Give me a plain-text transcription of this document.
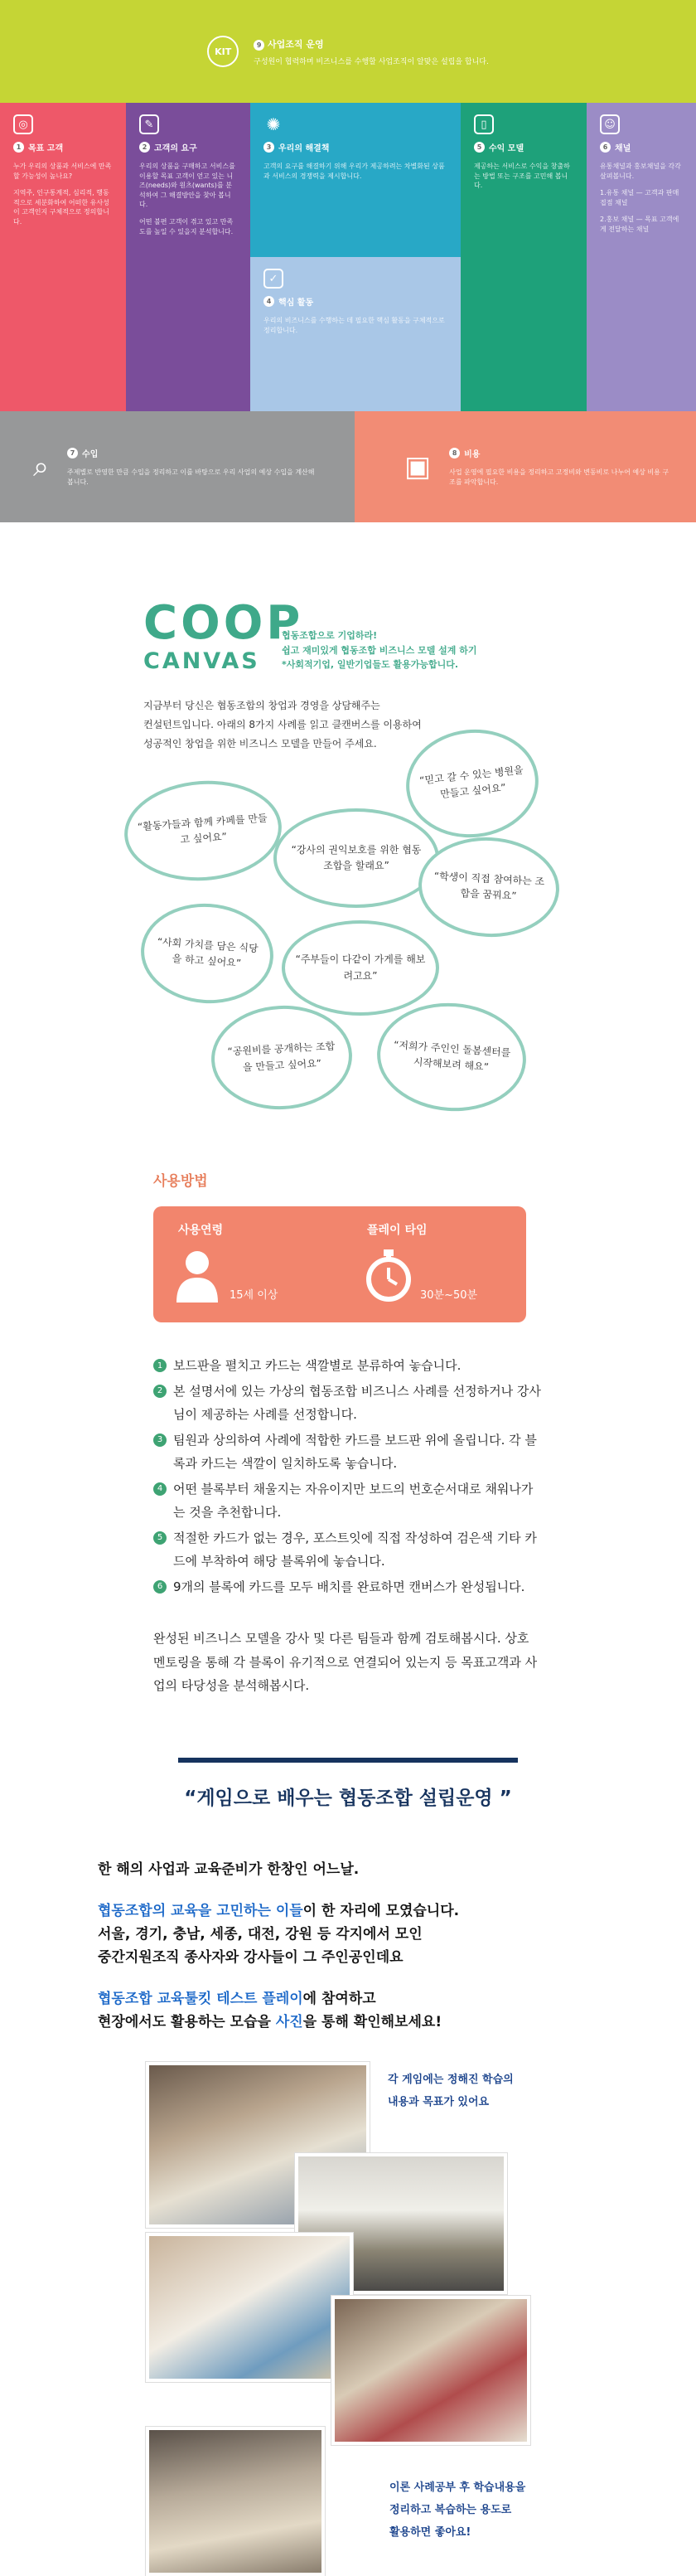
KIT
9 사업조직 운영
구성원이 협력하며 비즈니스를 수행할 사업조직이 알맞은 설립을 합니다.
◎
1 목표 고객

누가 우리의 상품과 서비스에 만족할 가능성이 높나요?

지역주, 인구통계적, 심리적, 행동적으로 세분화하여 어떠한 유사성이 고객인지 구체적으로 정의합니다.

✎
2 고객의 요구

우리의 상품을 구매하고 서비스를 이용할 목표 고객이 얻고 있는 니즈(needs)와 원츠(wants)를 분석하여 그 해결방안을 찾아 봅니다.

어떤 불편 고객이 겪고 있고 만족도를 높일 수 있을지 분석합니다.

✺
3 우리의 해결책

고객의 요구를 해결하기 위해 우리가 제공하려는 차별화된 상품과 서비스의 경쟁력을 제시합니다.

✓
4 핵심 활동

우리의 비즈니스를 수행하는 데 필요한 핵심 활동을 구체적으로 정리합니다.

▯
5 수익 모델

제공하는 서비스로 수익을 창출하는 방법 또는 구조를 고민해 봅니다.

☺
6 채널

유통채널과 홍보채널을 각각 살펴봅니다.

1.유통 채널 — 고객과 판매 접점 채널

2.홍보 채널 — 목표 고객에게 전달하는 채널

⌕	7 수입
주제별로 반영한 만큼 수입을 정리하고 이를 바탕으로 우리 사업의 예상 수입을 계산해 봅니다.	▣	8 비용
사업 운영에 필요한 비용을 정리하고 고정비와 변동비로 나누어 예상 비용 구조를 파악합니다.
COOP
CANVAS
협동조합으로 기업하라!
쉽고 재미있게 협동조합 비즈니스 모델 설계 하기
*사회적기업, 일반기업들도 활용가능합니다.
지금부터 당신은 협동조합의 창업과 경영을 상담해주는
컨설턴트입니다. 아래의 8가지 사례를 읽고 클캔버스를 이용하여
성공적인 창업을 위한 비즈니스 모델을 만들어 주세요.
“활동가들과 함께 카페를 만들고 싶어요”
“강사의 권익보호를 위한 협동조합을 할래요”
“믿고 갈 수 있는 병원을 만들고 싶어요”
“학생이 직접 참여하는 조합을 꿈꿔요”
“사회 가치를 담은 식당을 하고 싶어요”	“주부들이 다같이 가게를 해보려고요”
“공원비를 공개하는 조합을 만들고 싶어요”
“저희가 주인인 돌봄센터를 시작해보려 해요”
사용방법
사용연령
15세 이상
플레이 타임
30분~50분
1 보드판을 펼치고 카드는 색깔별로 분류하여 놓습니다.
2 본 설명서에 있는 가상의 협동조합 비즈니스 사례를 선정하거나 강사님이 제공하는 사례를 선정합니다.
3 팀원과 상의하여 사례에 적합한 카드를 보드판 위에 올립니다. 각 블록과 카드는 색깔이 일치하도록 놓습니다.
4 어떤 블록부터 채울지는 자유이지만 보드의 번호순서대로 채워나가는 것을 추천합니다.
5 적절한 카드가 없는 경우, 포스트잇에 직접 작성하여 검은색 기타 카드에 부착하여 해당 블록위에 놓습니다.
6 9개의 블록에 카드를 모두 배치를 완료하면 캔버스가 완성됩니다.

완성된 비즈니스 모델을 강사 및 다른 팀들과 함께 검토해봅시다. 상호 멘토링을 통해 각 블록이 유기적으로 연결되어 있는지 등 목표고객과 사업의 타당성을 분석해봅시다.

“게임으로 배우는 협동조합 설립운영 ”
한 해의 사업과 교육준비가 한창인 어느날.
협동조합의 교육을 고민하는 이들이 한 자리에 모였습니다.
서울, 경기, 충남, 세종, 대전, 강원 등 각지에서 모인
중간지원조직 종사자와 강사들이 그 주인공인데요
협동조합 교육툴킷 테스트 플레이에 참여하고
현장에서도 활용하는 모습을 사진을 통해 확인해보세요!
각 게임에는 정해진 학습의
내용과 목표가 있어요
이론 사례공부 후 학습내용을
정리하고 복습하는 용도로
활용하면 좋아요!
